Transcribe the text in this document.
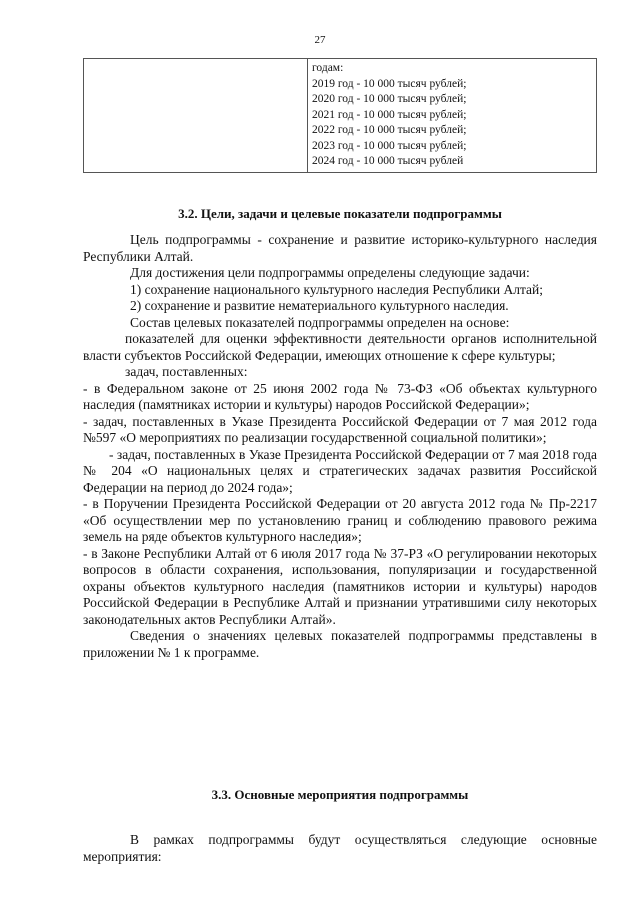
27

годам:
2019 год - 10 000 тысяч рублей;
2020 год - 10 000 тысяч рублей;
2021 год - 10 000 тысяч рублей;
2022 год - 10 000 тысяч рублей;
2023 год - 10 000 тысяч рублей;
2024 год - 10 000 тысяч рублей
3.2. Цели, задачи и целевые показатели подпрограммы

Цель подпрограммы - сохранение и развитие историко-культурного наследия Республики Алтай.

Для достижения цели подпрограммы определены следующие задачи:

1) сохранение национального культурного наследия Республики Алтай;

2) сохранение и развитие нематериального культурного наследия.

Состав целевых показателей подпрограммы определен на основе:

показателей для оценки эффективности деятельности органов исполнительной власти субъектов Российской Федерации, имеющих отношение к сфере культуры;

задач, поставленных:

- в Федеральном законе от 25 июня 2002 года № 73-ФЗ «Об объектах культурного наследия (памятниках истории и культуры) народов Российской Федерации»;

- задач, поставленных в Указе Президента Российской Федерации от 7 мая 2012 года №597 «О мероприятиях по реализации государственной социальной политики»;

- задач, поставленных в Указе Президента Российской Федерации от 7 мая 2018 года № 204 «О национальных целях и стратегических задачах развития Российской Федерации на период до 2024 года»;

- в Поручении Президента Российской Федерации от 20 августа 2012 года № Пр-2217 «Об осуществлении мер по установлению границ и соблюдению правового режима земель на ряде объектов культурного наследия»;

- в Законе Республики Алтай от 6 июля 2017 года № 37-РЗ «О регулировании некоторых вопросов в области сохранения, использования, популяризации и государственной охраны объектов культурного наследия (памятников истории и культуры) народов Российской Федерации в Республике Алтай и признании утратившими силу некоторых законодательных актов Республики Алтай».

Сведения о значениях целевых показателей подпрограммы представлены в приложении № 1 к программе.

3.3. Основные мероприятия подпрограммы

В рамках подпрограммы будут осуществляться следующие основные мероприятия:
